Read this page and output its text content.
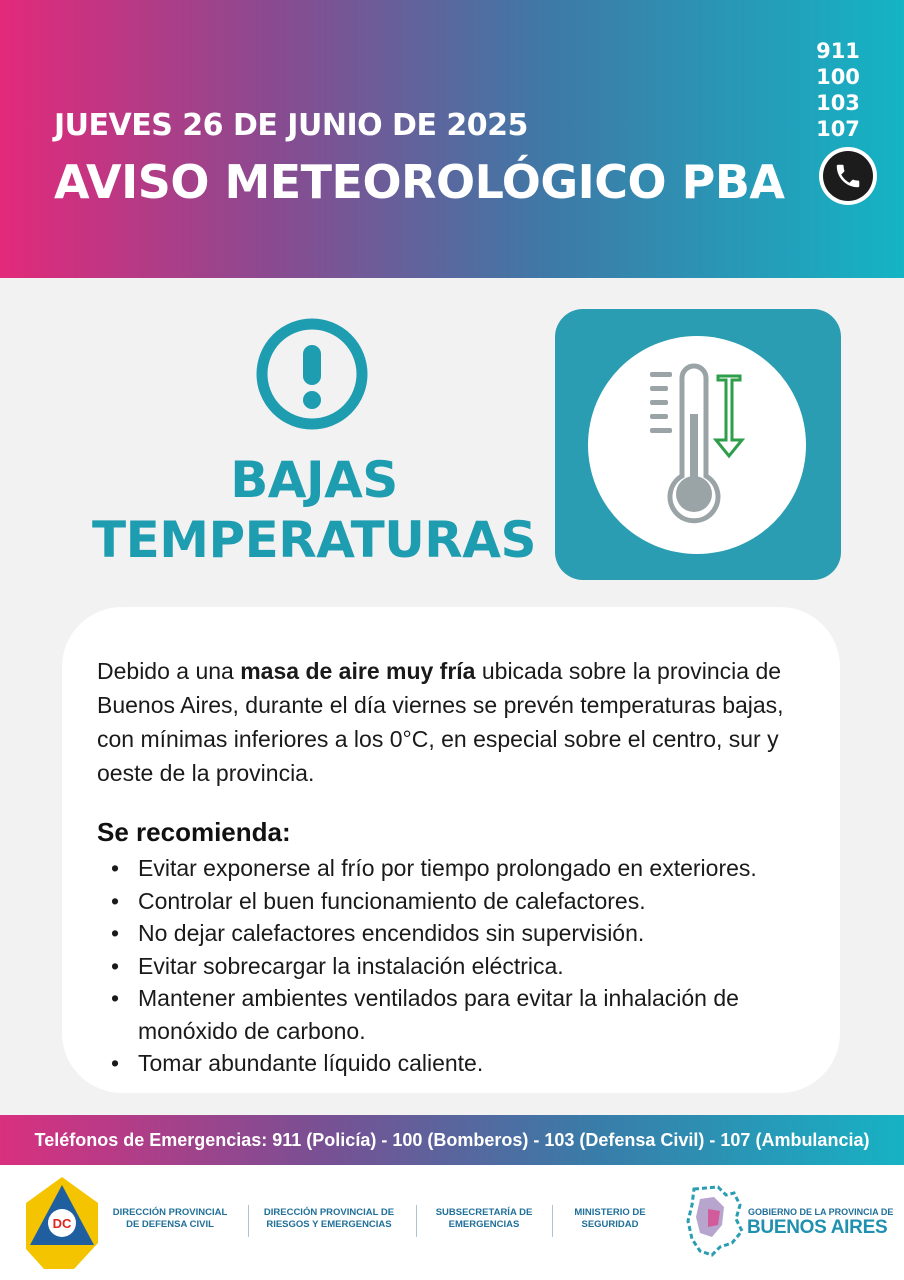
JUEVES 26 DE JUNIO DE 2025
AVISO METEOROLÓGICO PBA
911
100
103
107
BAJAS
TEMPERATURAS
Debido a una masa de aire muy fría ubicada sobre la provincia de Buenos Aires, durante el día viernes se prevén temperaturas bajas, con mínimas inferiores a los 0°C, en especial sobre el centro, sur y oeste de la provincia.
Se recomienda:
• Evitar exponerse al frío por tiempo prolongado en exteriores.
• Controlar el buen funcionamiento de calefactores.
• No dejar calefactores encendidos sin supervisión.
• Evitar sobrecargar la instalación eléctrica.
• Mantener ambientes ventilados para evitar la inhalación de monóxido de carbono.
• Tomar abundante líquido caliente.
Teléfonos de Emergencias: 911 (Policía) - 100 (Bomberos) - 103 (Defensa Civil) - 107 (Ambulancia)
DC
DIRECCIÓN PROVINCIAL
DE DEFENSA CIVIL
DIRECCIÓN PROVINCIAL DE
RIESGOS Y EMERGENCIAS
SUBSECRETARÍA DE
EMERGENCIAS
MINISTERIO DE
SEGURIDAD
GOBIERNO DE LA PROVINCIA DE
BUENOS AIRES
